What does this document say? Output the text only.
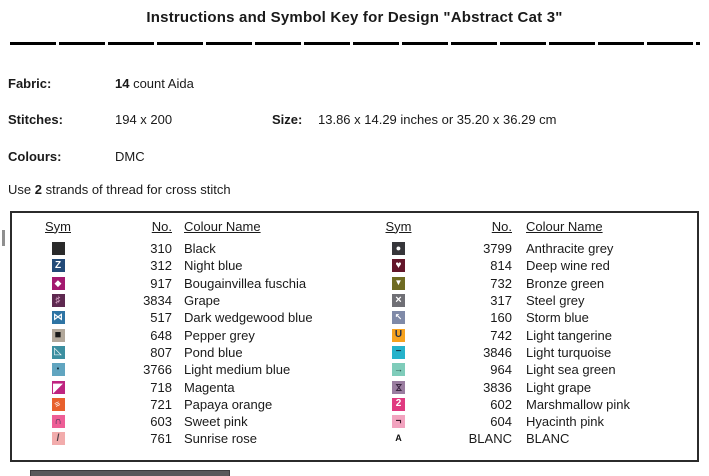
Instructions and Symbol Key for Design "Abstract Cat 3"
Fabric:	14 count Aida
Stitches:	194 x 200	Size: 13.86 x 14.29 inches or 35.20 x 36.29 cm
Colours:	DMC
Use 2 strands of thread for cross stitch
Sym	No. Colour Name	Sym	No.	Colour Name
■	310 Black	●	3799	Anthracite grey
Z	312 Night blue	♥	814	Deep wine red
◆	917 Bougainvillea fuschia	▼	732	Bronze green
♯	3834 Grape	×	317	Steel grey
⋈	517 Dark wedgewood blue	↖	160	Storm blue
■	648 Pepper grey	U	742	Light tangerine
◺	807 Pond blue	−	3846	Light turquoise
•	3766 Light medium blue	→	964	Light sea green
◤	718 Magenta	⋈	3836	Light grape
≡	721 Papaya orange	2	602	Marshmallow pink
∩	603 Sweet pink	¬	604	Hyacinth pink
/	761 Sunrise rose	A	BLANC	BLANC
